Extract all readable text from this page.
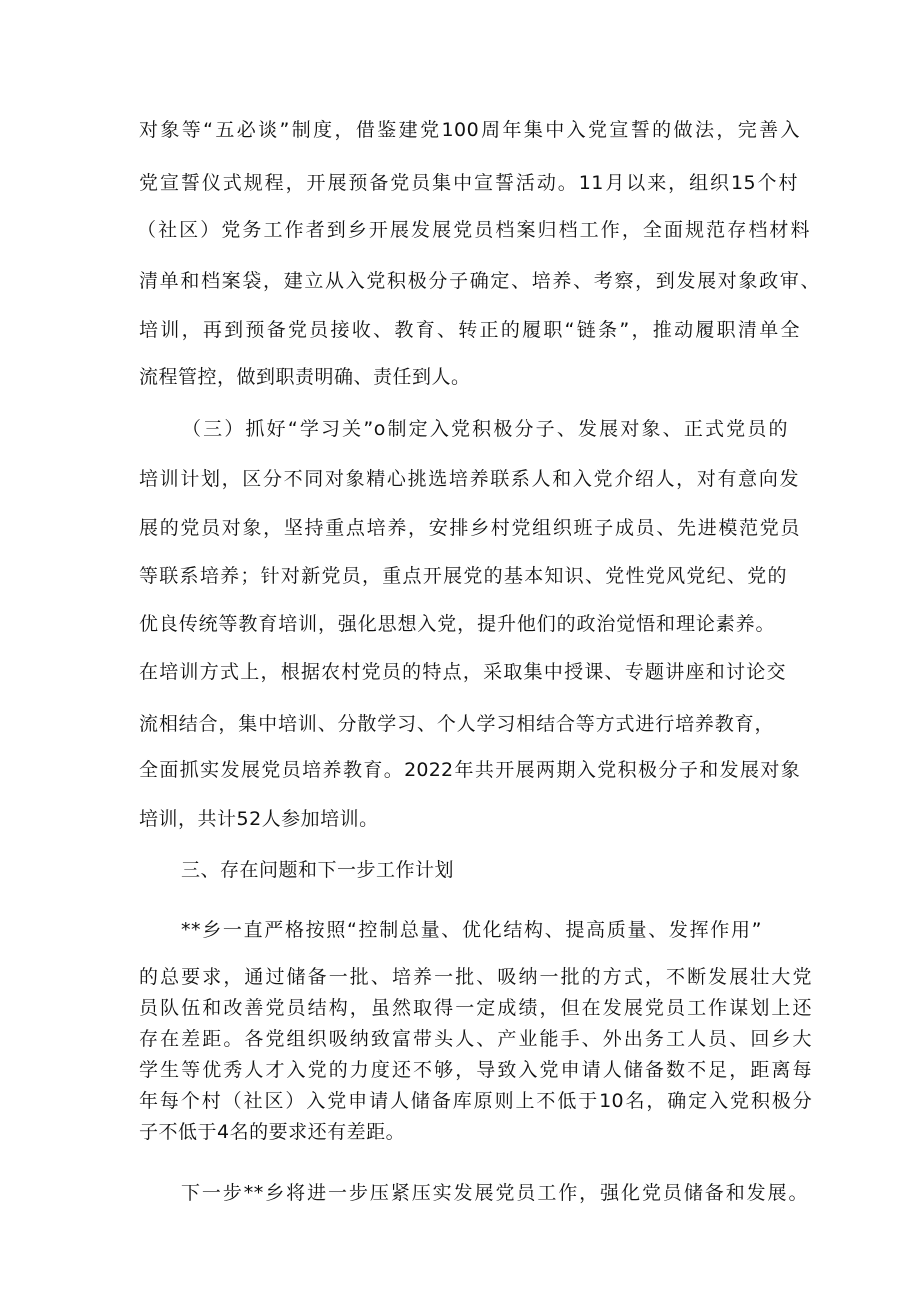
对象等“五必谈”制度，借鉴建党100周年集中入党宣誓的做法，完善入

党宣誓仪式规程，开展预备党员集中宣誓活动。11月以来，组织15个村

（社区）党务工作者到乡开展发展党员档案归档工作，全面规范存档材料

清单和档案袋，建立从入党积极分子确定、培养、考察，到发展对象政审、

培训，再到预备党员接收、教育、转正的履职“链条”，推动履职清单全

流程管控，做到职责明确、责任到人。

（三）抓好“学习关”o制定入党积极分子、发展对象、正式党员的

培训计划，区分不同对象精心挑选培养联系人和入党介绍人，对有意向发

展的党员对象，坚持重点培养，安排乡村党组织班子成员、先进模范党员

等联系培养；针对新党员，重点开展党的基本知识、党性党风党纪、党的

优良传统等教育培训，强化思想入党，提升他们的政治觉悟和理论素养。

在培训方式上，根据农村党员的特点，采取集中授课、专题讲座和讨论交

流相结合，集中培训、分散学习、个人学习相结合等方式进行培养教育，

全面抓实发展党员培养教育。2022年共开展两期入党积极分子和发展对象

培训，共计52人参加培训。

三、存在问题和下一步工作计划

**乡一直严格按照“控制总量、优化结构、提高质量、发挥作用”

的总要求，通过储备一批、培养一批、吸纳一批的方式，不断发展壮大党

员队伍和改善党员结构，虽然取得一定成绩，但在发展党员工作谋划上还

存在差距。各党组织吸纳致富带头人、产业能手、外出务工人员、回乡大

学生等优秀人才入党的力度还不够，导致入党申请人储备数不足，距离每

年每个村（社区）入党申请人储备库原则上不低于10名，确定入党积极分

子不低于4名的要求还有差距。

下一步**乡将进一步压紧压实发展党员工作，强化党员储备和发展。
